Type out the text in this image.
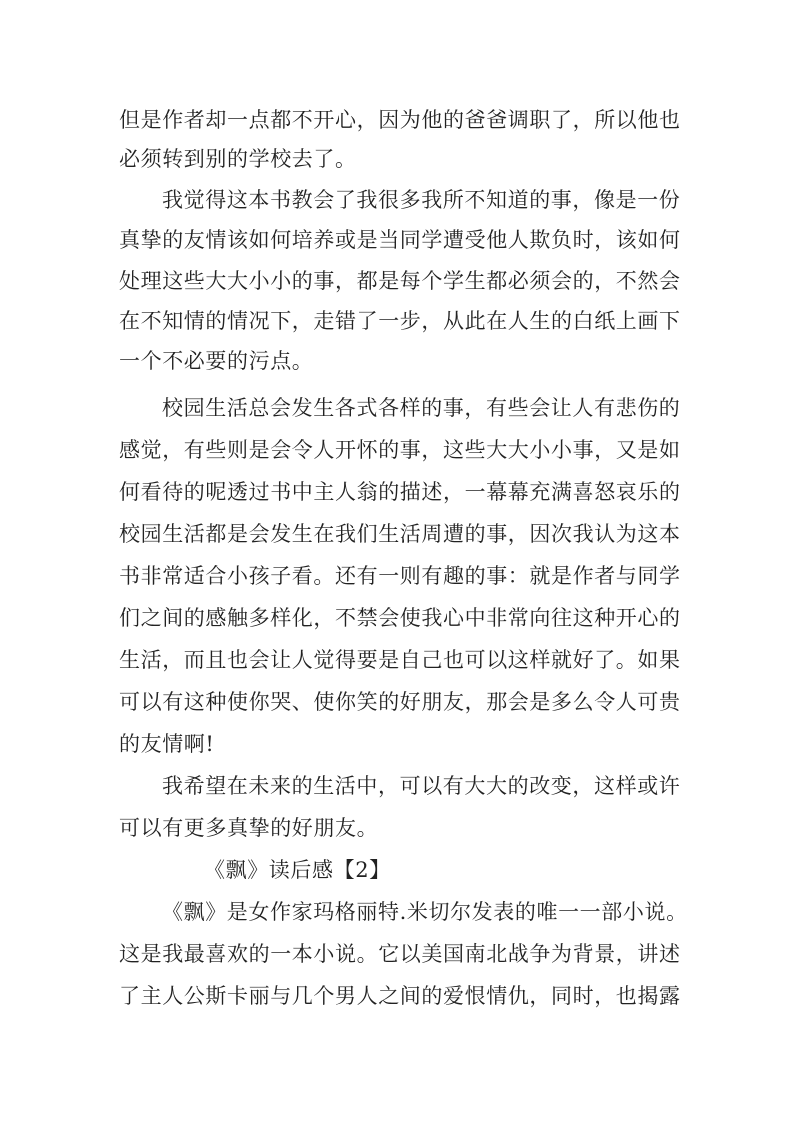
但是作者却一点都不开心，因为他的爸爸调职了，所以他也
必须转到别的学校去了。
我觉得这本书教会了我很多我所不知道的事，像是一份
真挚的友情该如何培养或是当同学遭受他人欺负时，该如何
处理这些大大小小的事，都是每个学生都必须会的，不然会
在不知情的情况下，走错了一步，从此在人生的白纸上画下
一个不必要的污点。
校园生活总会发生各式各样的事，有些会让人有悲伤的
感觉，有些则是会令人开怀的事，这些大大小小事，又是如
何看待的呢透过书中主人翁的描述，一幕幕充满喜怒哀乐的
校园生活都是会发生在我们生活周遭的事，因次我认为这本
书非常适合小孩子看。还有一则有趣的事：就是作者与同学
们之间的感触多样化，不禁会使我心中非常向往这种开心的
生活，而且也会让人觉得要是自己也可以这样就好了。如果
可以有这种使你哭、使你笑的好朋友，那会是多么令人可贵
的友情啊!
我希望在未来的生活中，可以有大大的改变，这样或许
可以有更多真挚的好朋友。
《飘》读后感【2】
《飘》是女作家玛格丽特.米切尔发表的唯一一部小说。
这是我最喜欢的一本小说。它以美国南北战争为背景，讲述
了主人公斯卡丽与几个男人之间的爱恨情仇，同时，也揭露
